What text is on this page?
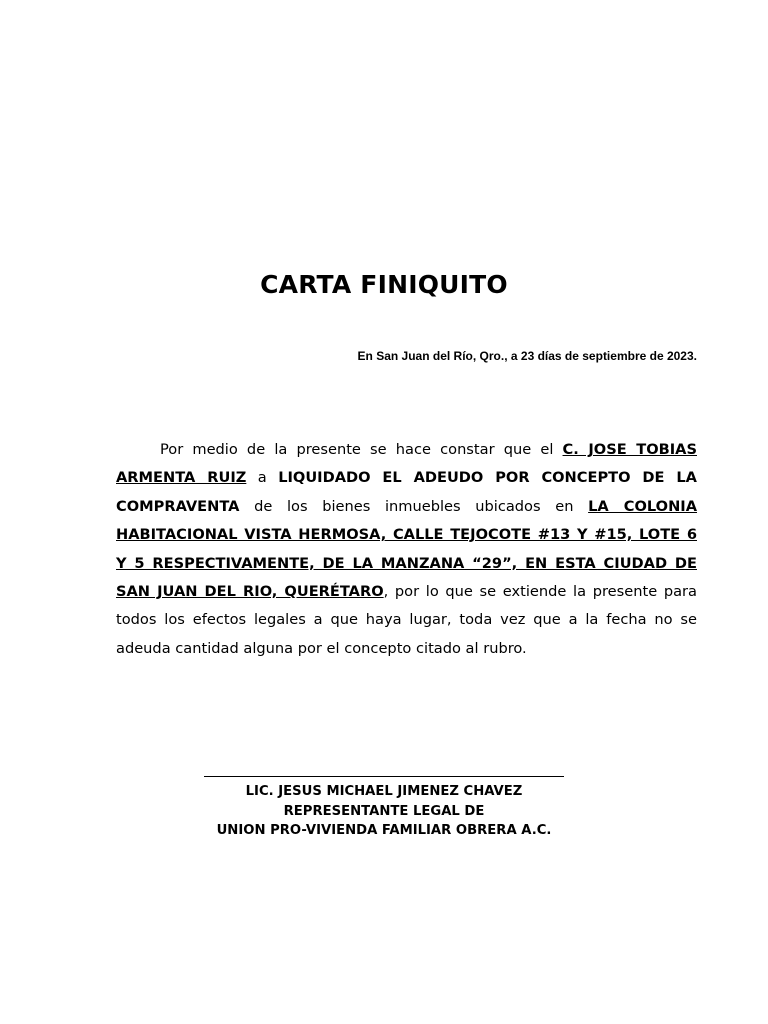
CARTA FINIQUITO

En San Juan del Río, Qro., a 23 días de septiembre de 2023.

Por medio de la presente se hace constar que el C. JOSE TOBIAS ARMENTA RUIZ a LIQUIDADO EL ADEUDO POR CONCEPTO DE LA COMPRAVENTA de los bienes inmuebles ubicados en LA COLONIA HABITACIONAL VISTA HERMOSA, CALLE TEJOCOTE #13 Y #15, LOTE 6 Y 5 RESPECTIVAMENTE, DE LA MANZANA “29”, EN ESTA CIUDAD DE SAN JUAN DEL RIO, QUERÉTARO, por lo que se extiende la presente para todos los efectos legales a que haya lugar, toda vez que a la fecha no se adeuda cantidad alguna por el concepto citado al rubro.

LIC. JESUS MICHAEL JIMENEZ CHAVEZ
REPRESENTANTE LEGAL DE
UNION PRO-VIVIENDA FAMILIAR OBRERA A.C.
